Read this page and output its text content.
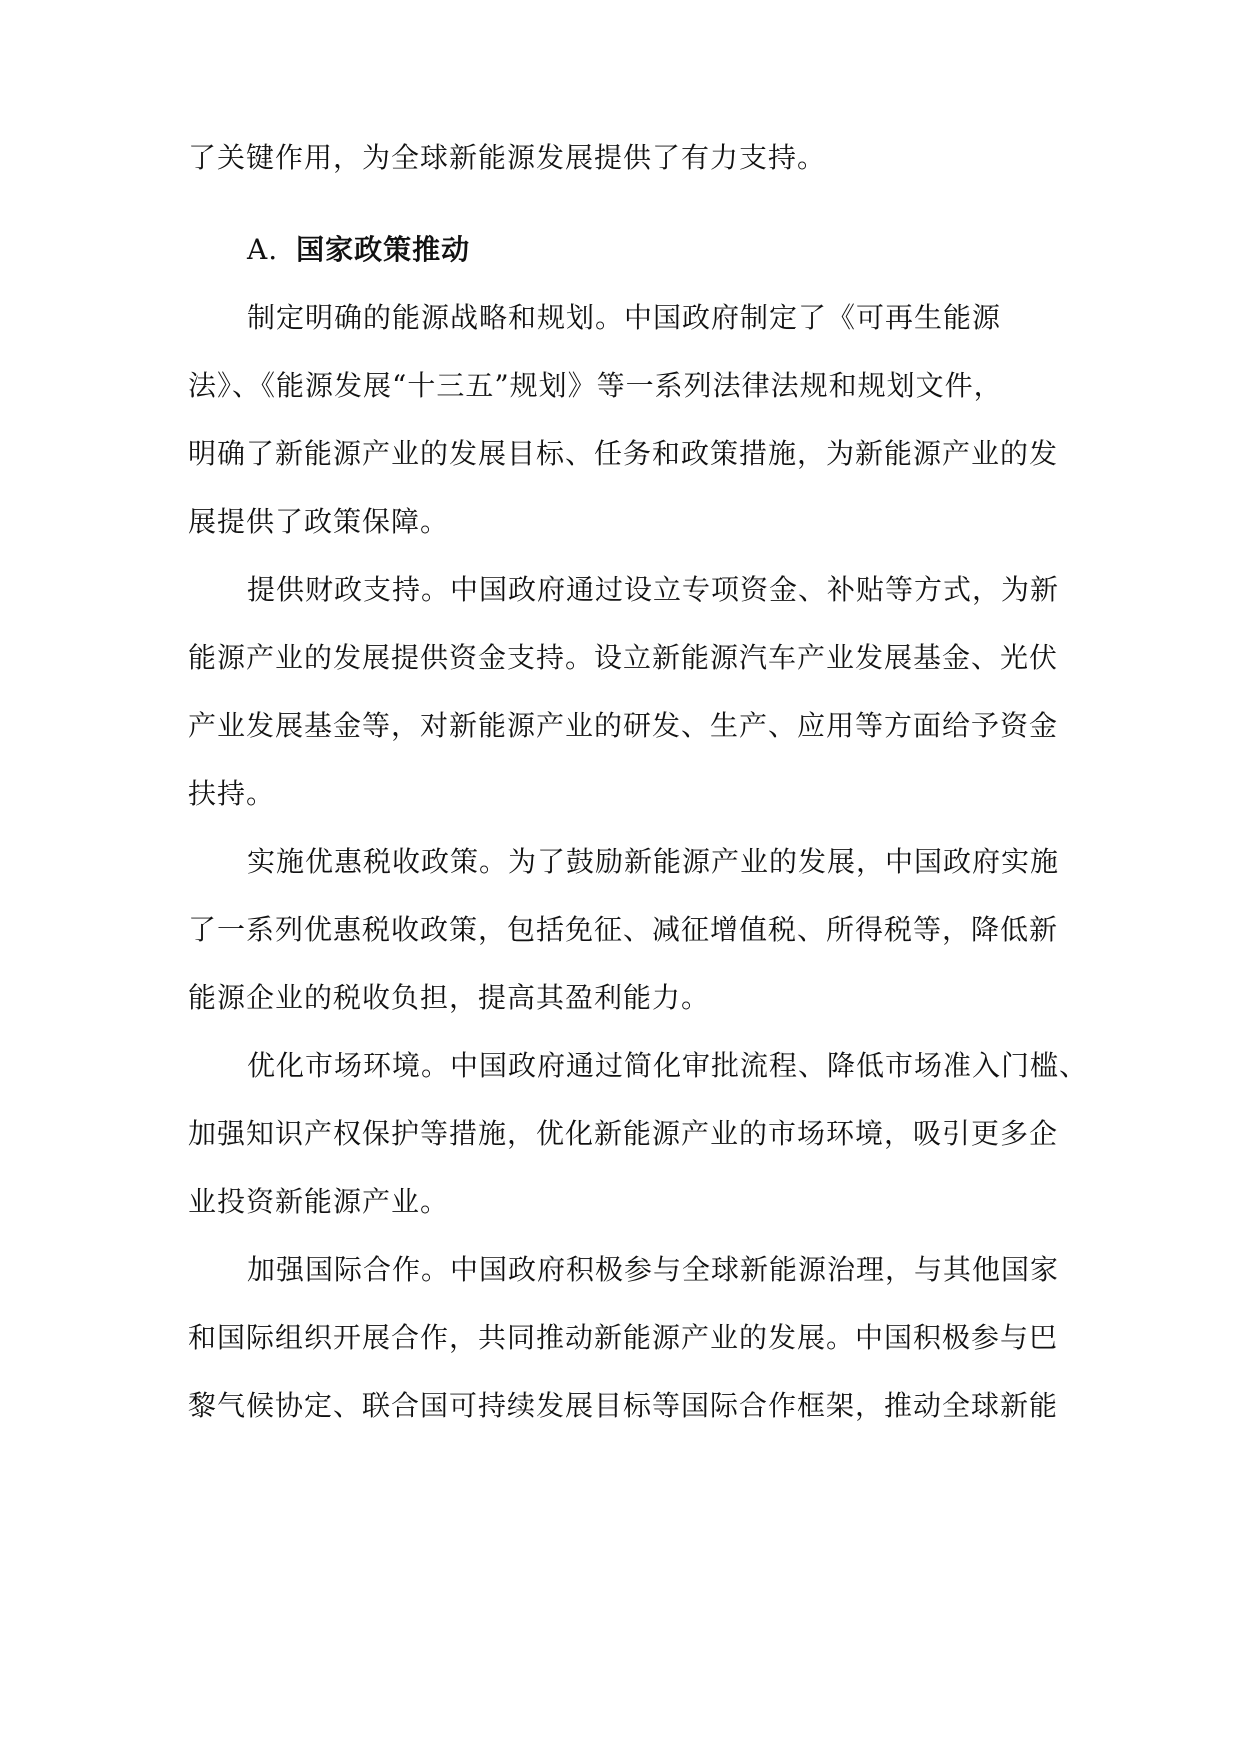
了关键作用，为全球新能源发展提供了有力支持。
A. 国家政策推动
制定明确的能源战略和规划。中国政府制定了《可再生能源
法》、《能源发展“十三五”规划》等一系列法律法规和规划文件，
明确了新能源产业的发展目标、任务和政策措施，为新能源产业的发
展提供了政策保障。
提供财政支持。中国政府通过设立专项资金、补贴等方式，为新
能源产业的发展提供资金支持。设立新能源汽车产业发展基金、光伏
产业发展基金等，对新能源产业的研发、生产、应用等方面给予资金
扶持。
实施优惠税收政策。为了鼓励新能源产业的发展，中国政府实施
了一系列优惠税收政策，包括免征、减征增值税、所得税等，降低新
能源企业的税收负担，提高其盈利能力。
优化市场环境。中国政府通过简化审批流程、降低市场准入门槛、
加强知识产权保护等措施，优化新能源产业的市场环境，吸引更多企
业投资新能源产业。
加强国际合作。中国政府积极参与全球新能源治理，与其他国家
和国际组织开展合作，共同推动新能源产业的发展。中国积极参与巴
黎气候协定、联合国可持续发展目标等国际合作框架，推动全球新能
